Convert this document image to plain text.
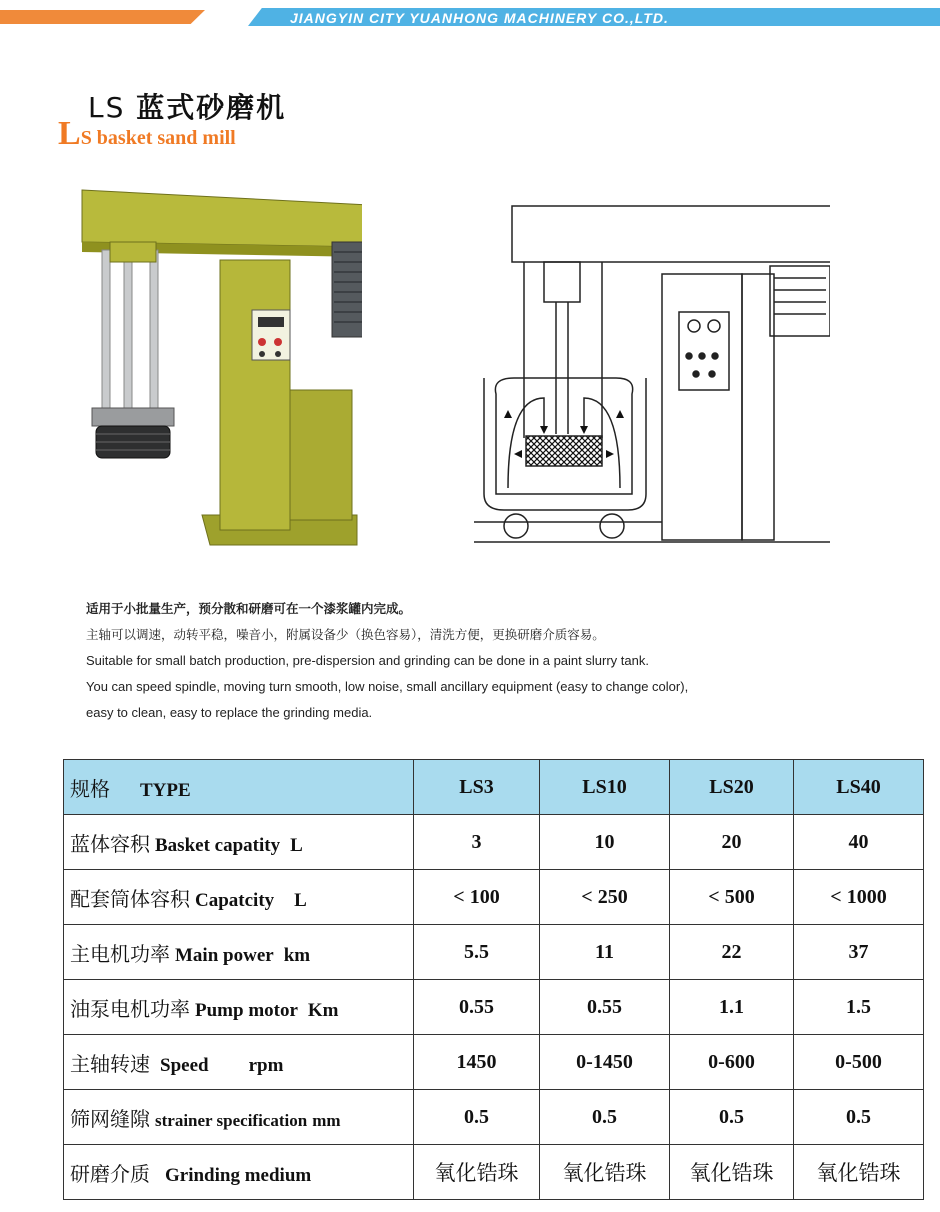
JIANGYIN CITY YUANHONG MACHINERY CO.,LTD.
LS 蓝式砂磨机
LS basket sand mill
适用于小批量生产，预分散和研磨可在一个漆浆罐内完成。
主轴可以调速，动转平稳，噪音小，附属设备少（换色容易），清洗方便，更换研磨介质容易。
Suitable for small batch production, pre-dispersion and grinding can be done in a paint slurry tank.
You can speed spindle, moving turn smooth, low noise, small ancillary equipment (easy to change color),
easy to clean, easy to replace the grinding media.
规格 TYPE	LS3	LS10	LS20	LS40
蓝体容积 Basket capatity L	3	10	20	40
配套筒体容积 Capatcity L	< 100	< 250	< 500	< 1000
主电机功率 Main power km	5.5	11	22	37
油泵电机功率 Pump motor Km	0.55	0.55	1.1	1.5
主轴转速 Speed rpm	1450	0-1450	0-600	0-500
筛网缝隙 strainer specification mm	0.5	0.5	0.5	0.5
研磨介质 Grinding medium	氧化锆珠	氧化锆珠	氧化锆珠	氧化锆珠
